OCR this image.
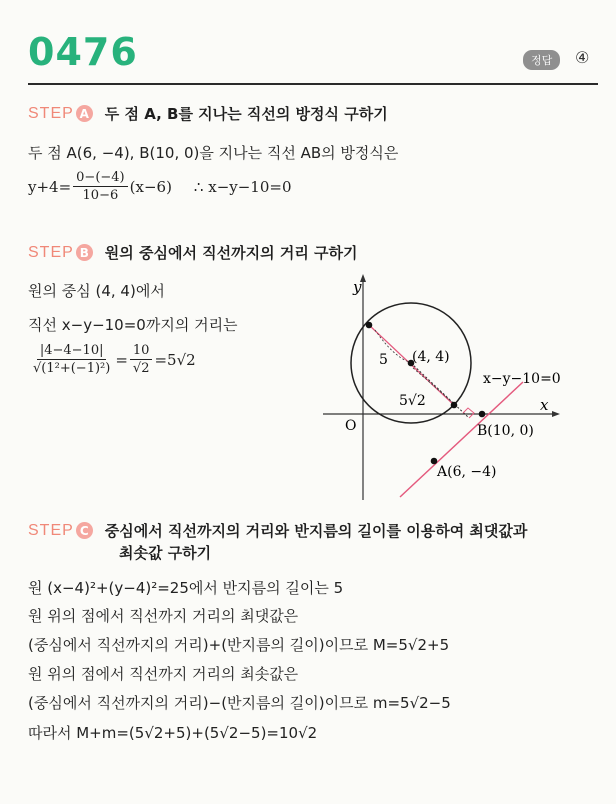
0476	정답	④
STEP A 두 점 A, B를 지나는 직선의 방정식 구하기
두 점 A(6, −4), B(10, 0)을 지나는 직선 AB의 방정식은
$y+4= \frac{0-(-4)}{10-6} (x-6)$ ∴ x−y−10=0
STEP B 원의 중심에서 직선까지의 거리 구하기
원의 중심 (4, 4)에서
직선 x−y−10=0까지의 거리는
$\frac{|4-4-10|}{\text{√(1²+(−1)²)}} = \frac{10}{√2} =5√2$
y
x
O
(4, 4)
5
5√2
x−y−10=0
B(10, 0)
A(6, −4)
STEP C 중심에서 직선까지의 거리와 반지름의 길이를 이용하여 최댓값과
최솟값 구하기
원 (x−4)²+(y−4)²=25에서 반지름의 길이는 5
원 위의 점에서 직선까지 거리의 최댓값은
(중심에서 직선까지의 거리)+(반지름의 길이)이므로 M=5√2+5
원 위의 점에서 직선까지 거리의 최솟값은
(중심에서 직선까지의 거리)−(반지름의 길이)이므로 m=5√2−5
따라서 M+m=(5√2+5)+(5√2−5)=10√2
